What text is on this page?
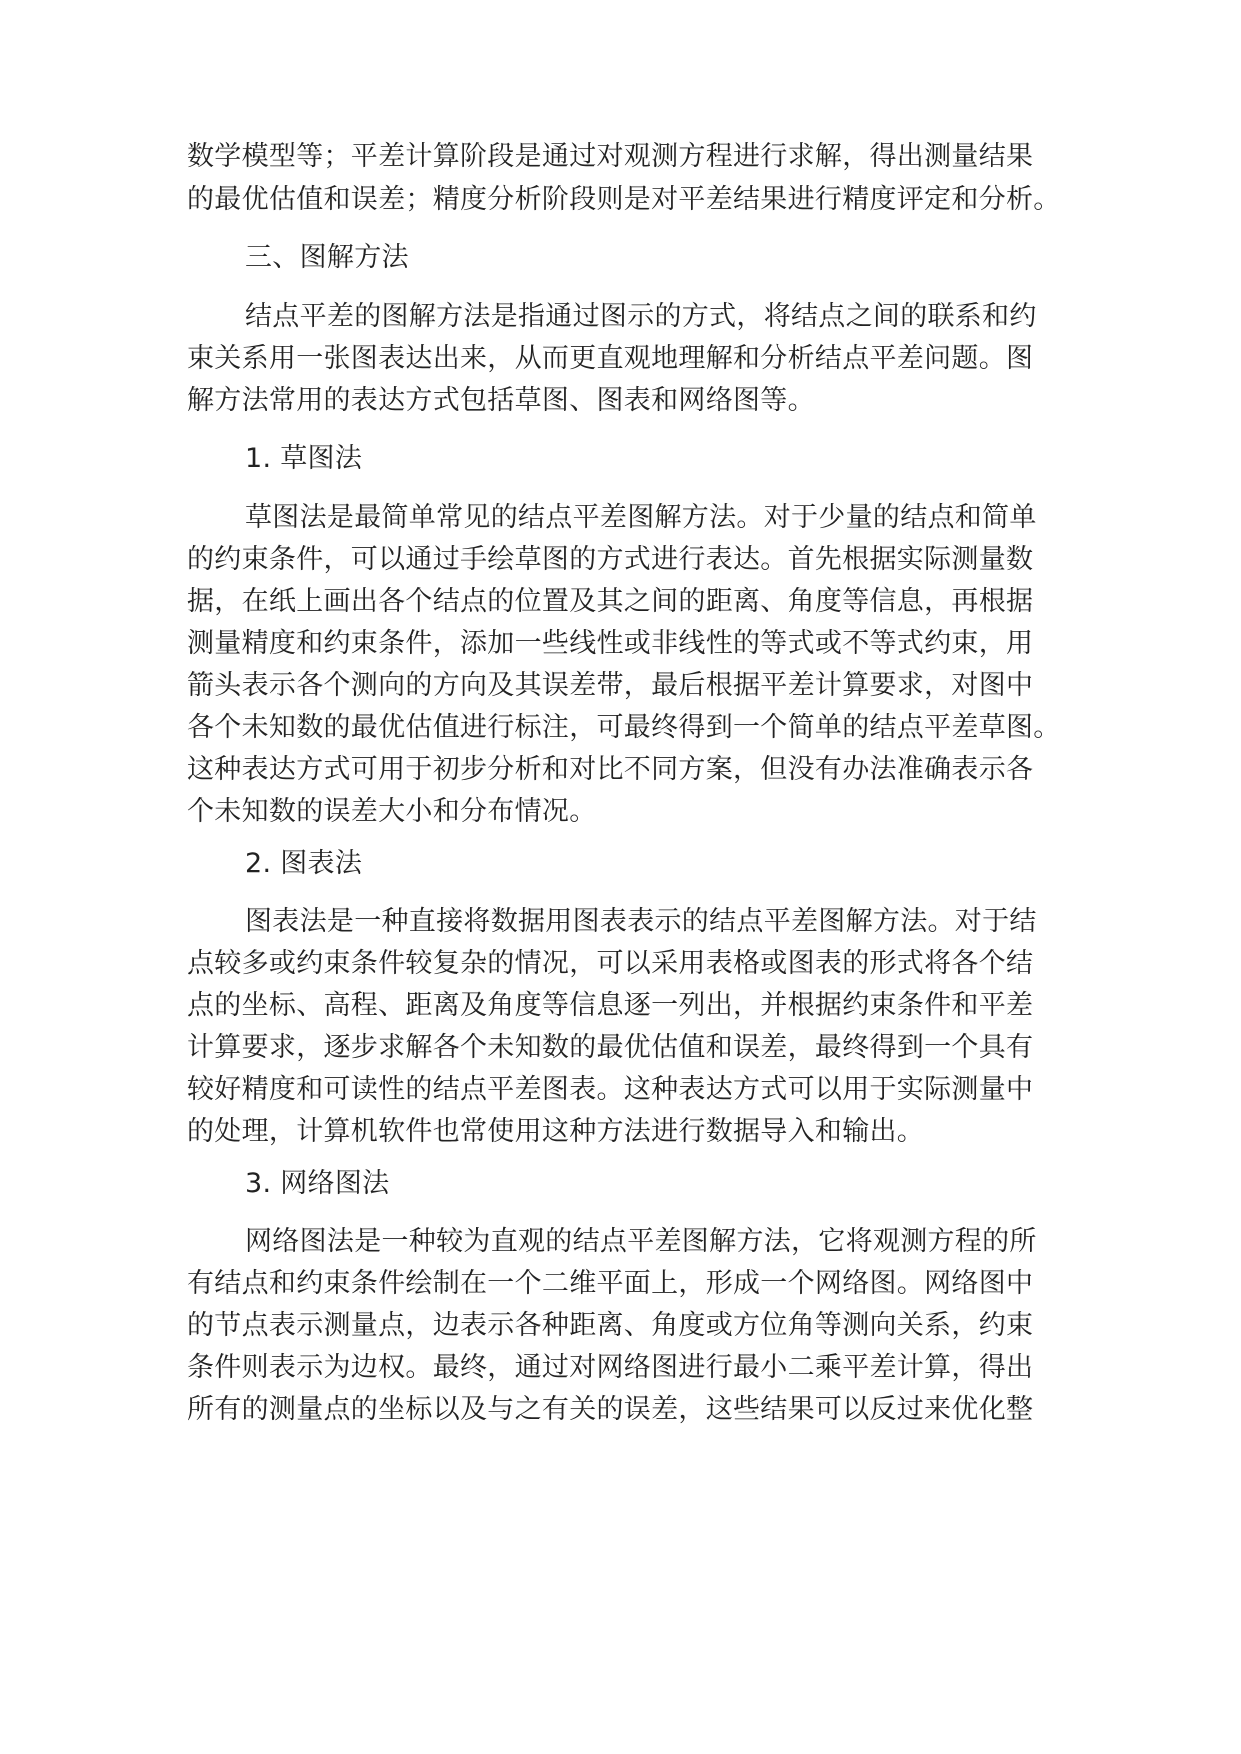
数学模型等；平差计算阶段是通过对观测方程进行求解，得出测量结果
的最优估值和误差；精度分析阶段则是对平差结果进行精度评定和分析。
三、图解方法
结点平差的图解方法是指通过图示的方式，将结点之间的联系和约
束关系用一张图表达出来，从而更直观地理解和分析结点平差问题。图
解方法常用的表达方式包括草图、图表和网络图等。
1. 草图法
草图法是最简单常见的结点平差图解方法。对于少量的结点和简单
的约束条件，可以通过手绘草图的方式进行表达。首先根据实际测量数
据，在纸上画出各个结点的位置及其之间的距离、角度等信息，再根据
测量精度和约束条件，添加一些线性或非线性的等式或不等式约束，用
箭头表示各个测向的方向及其误差带，最后根据平差计算要求，对图中
各个未知数的最优估值进行标注，可最终得到一个简单的结点平差草图。
这种表达方式可用于初步分析和对比不同方案，但没有办法准确表示各
个未知数的误差大小和分布情况。
2. 图表法
图表法是一种直接将数据用图表表示的结点平差图解方法。对于结
点较多或约束条件较复杂的情况，可以采用表格或图表的形式将各个结
点的坐标、高程、距离及角度等信息逐一列出，并根据约束条件和平差
计算要求，逐步求解各个未知数的最优估值和误差，最终得到一个具有
较好精度和可读性的结点平差图表。这种表达方式可以用于实际测量中
的处理，计算机软件也常使用这种方法进行数据导入和输出。
3. 网络图法
网络图法是一种较为直观的结点平差图解方法，它将观测方程的所
有结点和约束条件绘制在一个二维平面上，形成一个网络图。网络图中
的节点表示测量点，边表示各种距离、角度或方位角等测向关系，约束
条件则表示为边权。最终，通过对网络图进行最小二乘平差计算，得出
所有的测量点的坐标以及与之有关的误差，这些结果可以反过来优化整
